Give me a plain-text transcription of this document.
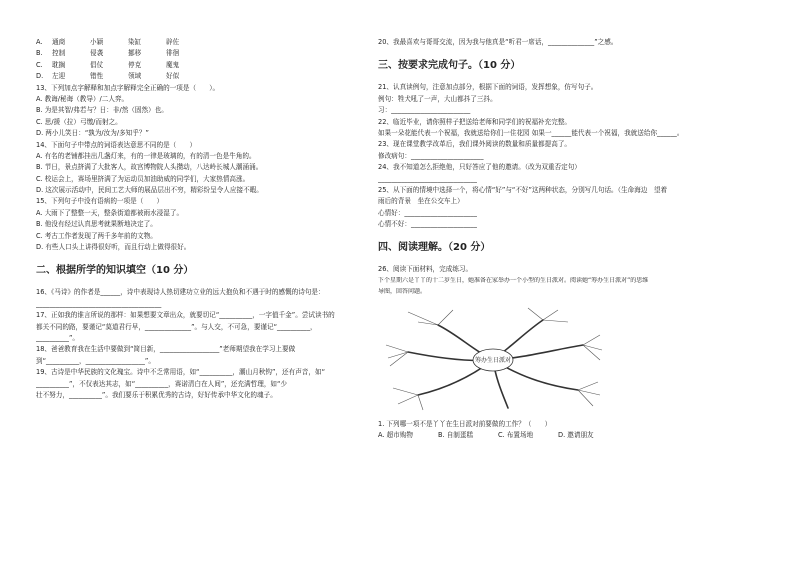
A.	通商	小颖	染缸	辟佐
B.	控制	侵袭	挪移	徘徊
C.	耽搁	倡仗	停克	魔鬼
D.	左迎	错性	领域	好似
13、下列加点字解释和加点字解释完全正确的一项是（　　）。
A. 教诲/秘诲（教导）/二人弈。
B. 为是其智/弗若与？日：非/然（固然）也。
C. 思/援（拉）弓缴/而射之。
D. 两小儿笑日：“孰为/汝为/多知乎？”
14、下面句子中带点的词语表达意思不同的是（　　）
A. 有名的老铺都挂出几盏灯来，有的一律是玻璃的，有的清一色是牛角的。
B. 节日，景点挤满了大批客人，故宫博物院人头攒动，八达岭长城人潮涌涌。
C. 校运会上，赛场里挤满了为运动员加油助威的同学们，大家热情高涨。
D. 这次展示活动中，民间工艺大师的展品层出不穷，精彩纷呈令人应接不暇。
15、下列句子中没有语病的一项是（　　）
A. 大雨下了整整一天，整条街道都被雨水浸湿了。
B. 他没有经过认真思考就果断地决定了。
C. 考古工作者发现了两千多年前的文物。
D. 有些人口头上讲得很好听，而且行动上做得很好。
二、根据所学的知识填空（10 分）
16、《马诗》的作者是______，诗中表现诗人热切建功立业的远大抱负和不遇于时的感慨的诗句是：
______________________________________
17、正如我的谁言所说的那样：如果想要文章出众，就要切记“__________，一字值千金”。尝试读书的
都关不同的路，要谨记“莫道君行早，______________”。与人交，不可急，要谨记“__________，
__________”。
18、爸爸教育我在生活中要做到“简目新，__________________”老师期望我在学习上要做
到“__________，__________________”。
19、古诗是中华民族的文化瑰宝。诗中不乏常用语，如“__________，潮山月秋钩”，还有声音，如“
__________”，不仅表达其志，如“__________，赛诺清白在人间”，还充满哲理，如“少
壮不努力，__________”。我们要乐于积累优秀的古诗，好好传承中华文化的魂子。
20、我最喜欢与哥哥交流，因为我与他真是“听君一席话，______________”之感。
三、按要求完成句子。（10 分）
21、认真读例句，注意加点部分，根据下面的词语，发挥想象，仿写句子。
例句：牲犬吼了一声，大山都抖了三抖。
习：________________________
22、临近毕业，请你照样子把送给老师和同学们的祝福补充完整。
如果一朵花能代表一个祝福，我就送给你们一住花园 如果一______能代表一个祝福，我就送给你______。
23、现在课堂教学改革后，我们课外阅读的数量和质量都提高了。
修改病句：______________________
24、我不知道怎么拒绝他，只好答应了他的邀请。（改为双重否定句）
______________________________
25、从下面的情境中选择一个，将心情“好”与“不好”这两种状态，分别写几句话。（生命海边　望着
雨后的背景　坐在公交车上）
心情好：______________________
心情不好：____________________
四、阅读理解。（20 分）
26、阅读下面材料，完成练习。
下个星期六是丫丫的十二岁生日，她准备在家举办一个小型的生日派对。阅读她“筹办生日派对”的思维
导图，回答问题。
筹办生日派对
1. 下列哪一项不是丫丫在生日派对前要做的工作？（　　）
A. 超市购物	B. 自制蛋糕	C. 布置场地	D. 邀请朋友
